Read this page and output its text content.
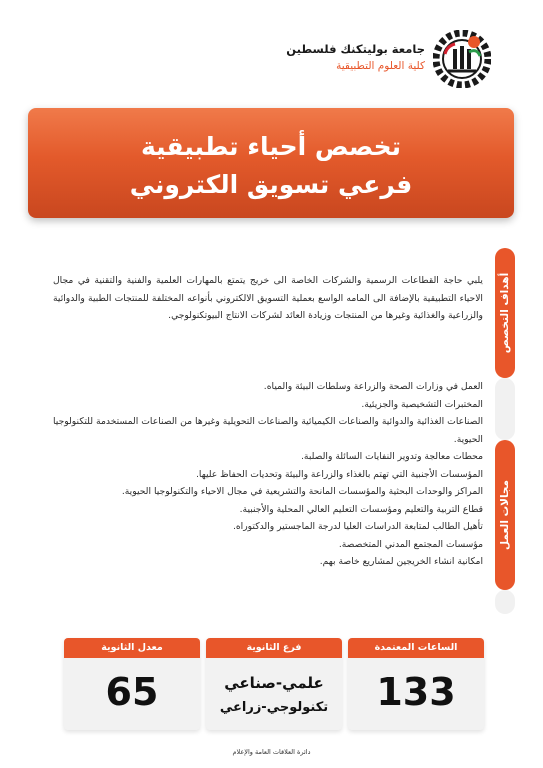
جامعة بوليتكنك فلسطين
كلية العلوم التطبيقية
تخصص أحياء تطبيقية
فرعي تسويق الكتروني
أهداف التخصص
مجالات العمل
يلبي حاجة القطاعات الرسمية والشركات الخاصة الى خريج يتمتع بالمهارات العلمية والفنية والتقنية في مجال الاحياء التطبيقية بالإضافة الى المامه الواسع بعملية التسويق الالكتروني بأنواعه المختلفة للمنتجات الطبية والدوائية والزراعية والغذائية وغيرها من المنتجات وزيادة العائد لشركات الانتاج البيوتكنولوجي.
العمل في وزارات الصحة والزراعة وسلطات البيئة والمياه.
المختبرات التشخيصية والجزيئية.
الصناعات الغذائية والدوائية والصناعات الكيميائية والصناعات التحويلية وغيرها من الصناعات المستخدمة للتكنولوجيا الحيوية.
محطات معالجة وتدوير النفايات السائلة والصلبة.
المؤسسات الأجنبية التي تهتم بالغذاء والزراعة والبيئة وتحديات الحفاظ عليها.
المراكز والوحدات البحثية والمؤسسات المانحة والتشريعية في مجال الاحياء والتكنولوجيا الحيوية.
قطاع التربية والتعليم ومؤسسات التعليم العالي المحلية والأجنبية.
تأهيل الطالب لمتابعة الدراسات العليا لدرجة الماجستير والدكتوراه.
مؤسسات المجتمع المدني المتخصصة.
امكانية انشاء الخريجين لمشاريع خاصة بهم.
الساعات المعتمدة
133
فرع الثانوية
علمي-صناعي
تكنولوجي-زراعي
معدل الثانوية
65
دائرة العلاقات العامة والإعلام
